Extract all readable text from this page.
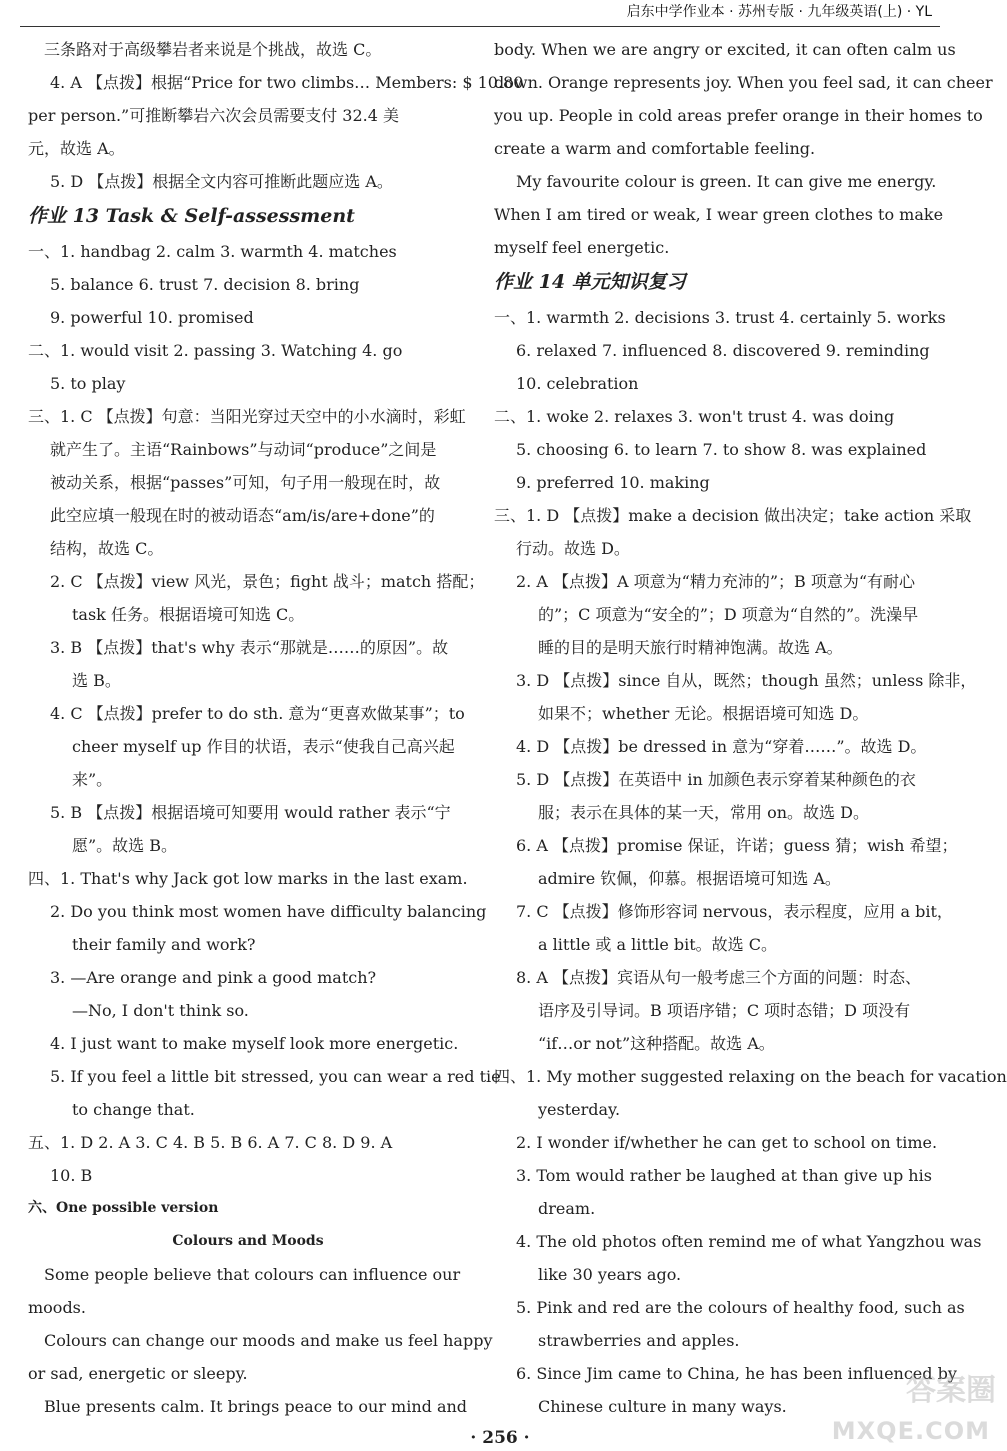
启东中学作业本 · 苏州专版 · 九年级英语(上) · YL
三条路对于高级攀岩者来说是个挑战，故选 C。
4. A 【点拨】根据“Price for two climbs… Members: $ 10.80
per person.”可推断攀岩六次会员需要支付 32.4 美
元，故选 A。
5. D 【点拨】根据全文内容可推断此题应选 A。
作业 13 Task & Self-assessment
一、1. handbag 2. calm 3. warmth 4. matches
5. balance 6. trust 7. decision 8. bring
9. powerful 10. promised
二、1. would visit 2. passing 3. Watching 4. go
5. to play
三、1. C 【点拨】句意：当阳光穿过天空中的小水滴时，彩虹
就产生了。主语“Rainbows”与动词“produce”之间是
被动关系，根据“passes”可知，句子用一般现在时，故
此空应填一般现在时的被动语态“am/is/are+done”的
结构，故选 C。
2. C 【点拨】view 风光，景色；fight 战斗；match 搭配；
task 任务。根据语境可知选 C。
3. B 【点拨】that's why 表示“那就是……的原因”。故
选 B。
4. C 【点拨】prefer to do sth. 意为“更喜欢做某事”；to
cheer myself up 作目的状语，表示“使我自己高兴起
来”。
5. B 【点拨】根据语境可知要用 would rather 表示“宁
愿”。故选 B。
四、1. That's why Jack got low marks in the last exam.
2. Do you think most women have difficulty balancing
their family and work?
3. —Are orange and pink a good match?
—No, I don't think so.
4. I just want to make myself look more energetic.
5. If you feel a little bit stressed, you can wear a red tie
to change that.
五、1. D 2. A 3. C 4. B 5. B 6. A 7. C 8. D 9. A
10. B
六、One possible version
Colours and Moods
Some people believe that colours can influence our
moods.
Colours can change our moods and make us feel happy
or sad, energetic or sleepy.
Blue presents calm. It brings peace to our mind and
body. When we are angry or excited, it can often calm us
down. Orange represents joy. When you feel sad, it can cheer
you up. People in cold areas prefer orange in their homes to
create a warm and comfortable feeling.
My favourite colour is green. It can give me energy.
When I am tired or weak, I wear green clothes to make
myself feel energetic.
作业 14 单元知识复习
一、1. warmth 2. decisions 3. trust 4. certainly 5. works
6. relaxed 7. influenced 8. discovered 9. reminding
10. celebration
二、1. woke 2. relaxes 3. won't trust 4. was doing
5. choosing 6. to learn 7. to show 8. was explained
9. preferred 10. making
三、1. D 【点拨】make a decision 做出决定；take action 采取
行动。故选 D。
2. A 【点拨】A 项意为“精力充沛的”；B 项意为“有耐心
的”；C 项意为“安全的”；D 项意为“自然的”。洗澡早
睡的目的是明天旅行时精神饱满。故选 A。
3. D 【点拨】since 自从，既然；though 虽然；unless 除非，
如果不；whether 无论。根据语境可知选 D。
4. D 【点拨】be dressed in 意为“穿着……”。故选 D。
5. D 【点拨】在英语中 in 加颜色表示穿着某种颜色的衣
服；表示在具体的某一天，常用 on。故选 D。
6. A 【点拨】promise 保证，许诺；guess 猜；wish 希望；
admire 钦佩，仰慕。根据语境可知选 A。
7. C 【点拨】修饰形容词 nervous，表示程度，应用 a bit，
a little 或 a little bit。故选 C。
8. A 【点拨】宾语从句一般考虑三个方面的问题：时态、
语序及引导词。B 项语序错；C 项时态错；D 项没有
“if…or not”这种搭配。故选 A。
四、1. My mother suggested relaxing on the beach for vacation
yesterday.
2. I wonder if/whether he can get to school on time.
3. Tom would rather be laughed at than give up his
dream.
4. The old photos often remind me of what Yangzhou was
like 30 years ago.
5. Pink and red are the colours of healthy food, such as
strawberries and apples.
6. Since Jim came to China, he has been influenced by
Chinese culture in many ways.
· 256 ·
答案圈
MXQE.COM
